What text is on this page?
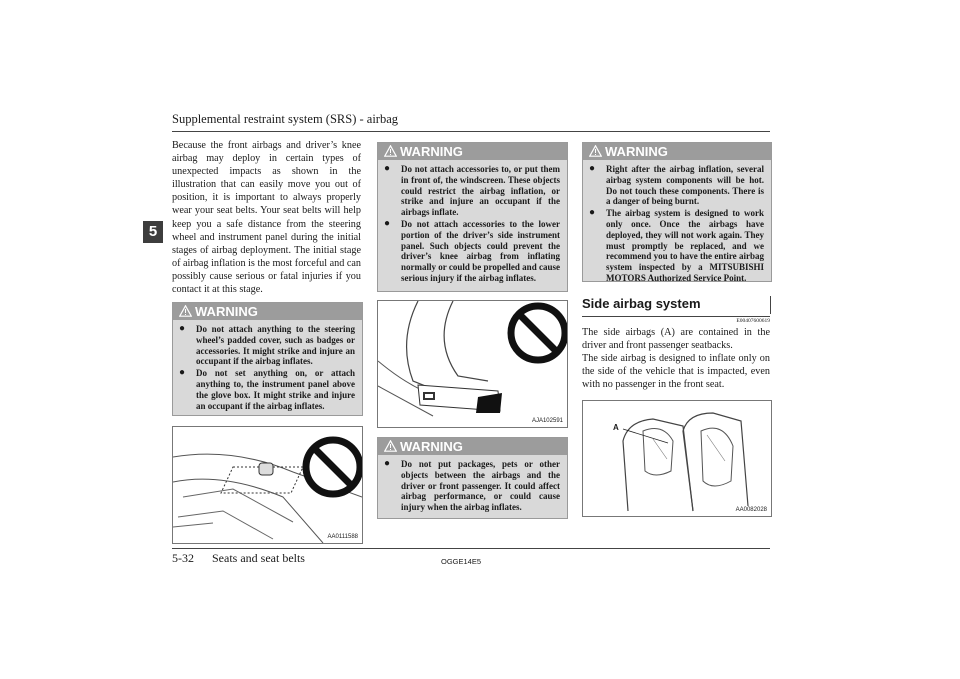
Supplemental restraint system (SRS) - airbag
5

Because the front airbags and driver’s knee airbag may deploy in certain types of unexpected impacts as shown in the illustration that can easily move you out of position, it is important to always properly wear your seat belts. Your seat belts will help keep you a safe distance from the steering wheel and instrument panel during the initial stages of airbag deployment. The initial stage of airbag inflation is the most forceful and can possibly cause serious or fatal injuries if you contact it at this stage.

WARNING
● Do not attach anything to the steering wheel’s padded cover, such as badges or accessories. It might strike and injure an occupant if the airbag inflates.
● Do not set anything on, or attach anything to, the instrument panel above the glove box. It might strike and injure an occupant if the airbag inflates.
AA0111588
WARNING
● Do not attach accessories to, or put them in front of, the windscreen. These objects could restrict the airbag inflation, or strike and injure an occupant if the airbags inflate.
● Do not attach accessories to the lower portion of the driver’s side instrument panel. Such objects could prevent the driver’s knee airbag from inflating normally or could be propelled and cause serious injury if the airbag inflates.
AJA102591
WARNING
● Do not put packages, pets or other objects between the airbags and the driver or front passenger. It could affect airbag performance, or could cause injury when the airbag inflates.
WARNING
● Right after the airbag inflation, several airbag system components will be hot. Do not touch these components. There is a danger of being burnt.
● The airbag system is designed to work only once. Once the airbags have deployed, they will not work again. They must promptly be replaced, and we recommend you to have the entire airbag system inspected by a MITSUBISHI MOTORS Authorized Service Point.
Side airbag system
E00407600619

The side airbags (A) are contained in the driver and front passenger seatbacks.

The side airbag is designed to inflate only on the side of the vehicle that is impacted, even with no passenger in the front seat.

A
AA0082028
5-32 Seats and seat belts	OGGE14E5
